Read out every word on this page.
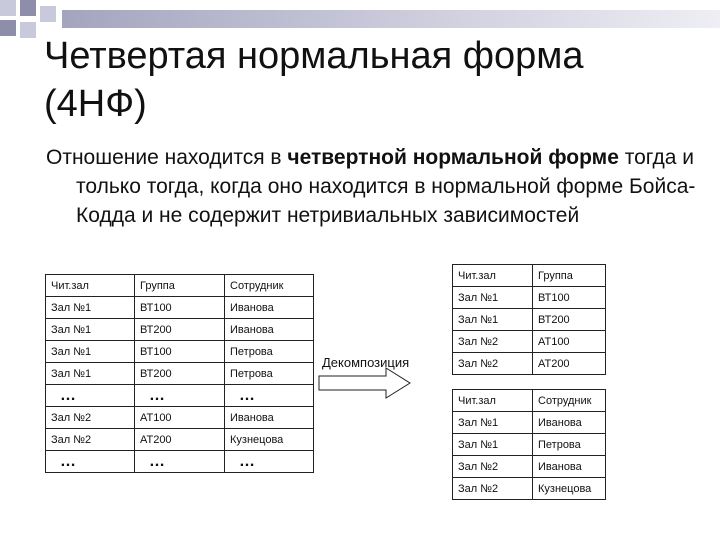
Четвертая нормальная форма
(4НФ)
Отношение находится в четвертной нормальной форме тогда и только тогда, когда оно находится в нормальной форме Бойса-Кодда и не содержит нетривиальных зависимостей
Чит.зал	Группа	Сотрудник
Зал №1	ВТ100	Иванова
Зал №1	ВТ200	Иванова
Зал №1	ВТ100	Петрова
Зал №1	ВТ200	Петрова
…	…	…
Зал №2	АТ100	Иванова
Зал №2	АТ200	Кузнецова
…	…	…
Декомпозиция
Чит.зал	Группа
Зал №1	ВТ100
Зал №1	ВТ200
Зал №2	АТ100
Зал №2	АТ200
Чит.зал	Сотрудник
Зал №1	Иванова
Зал №1	Петрова
Зал №2	Иванова
Зал №2	Кузнецова
